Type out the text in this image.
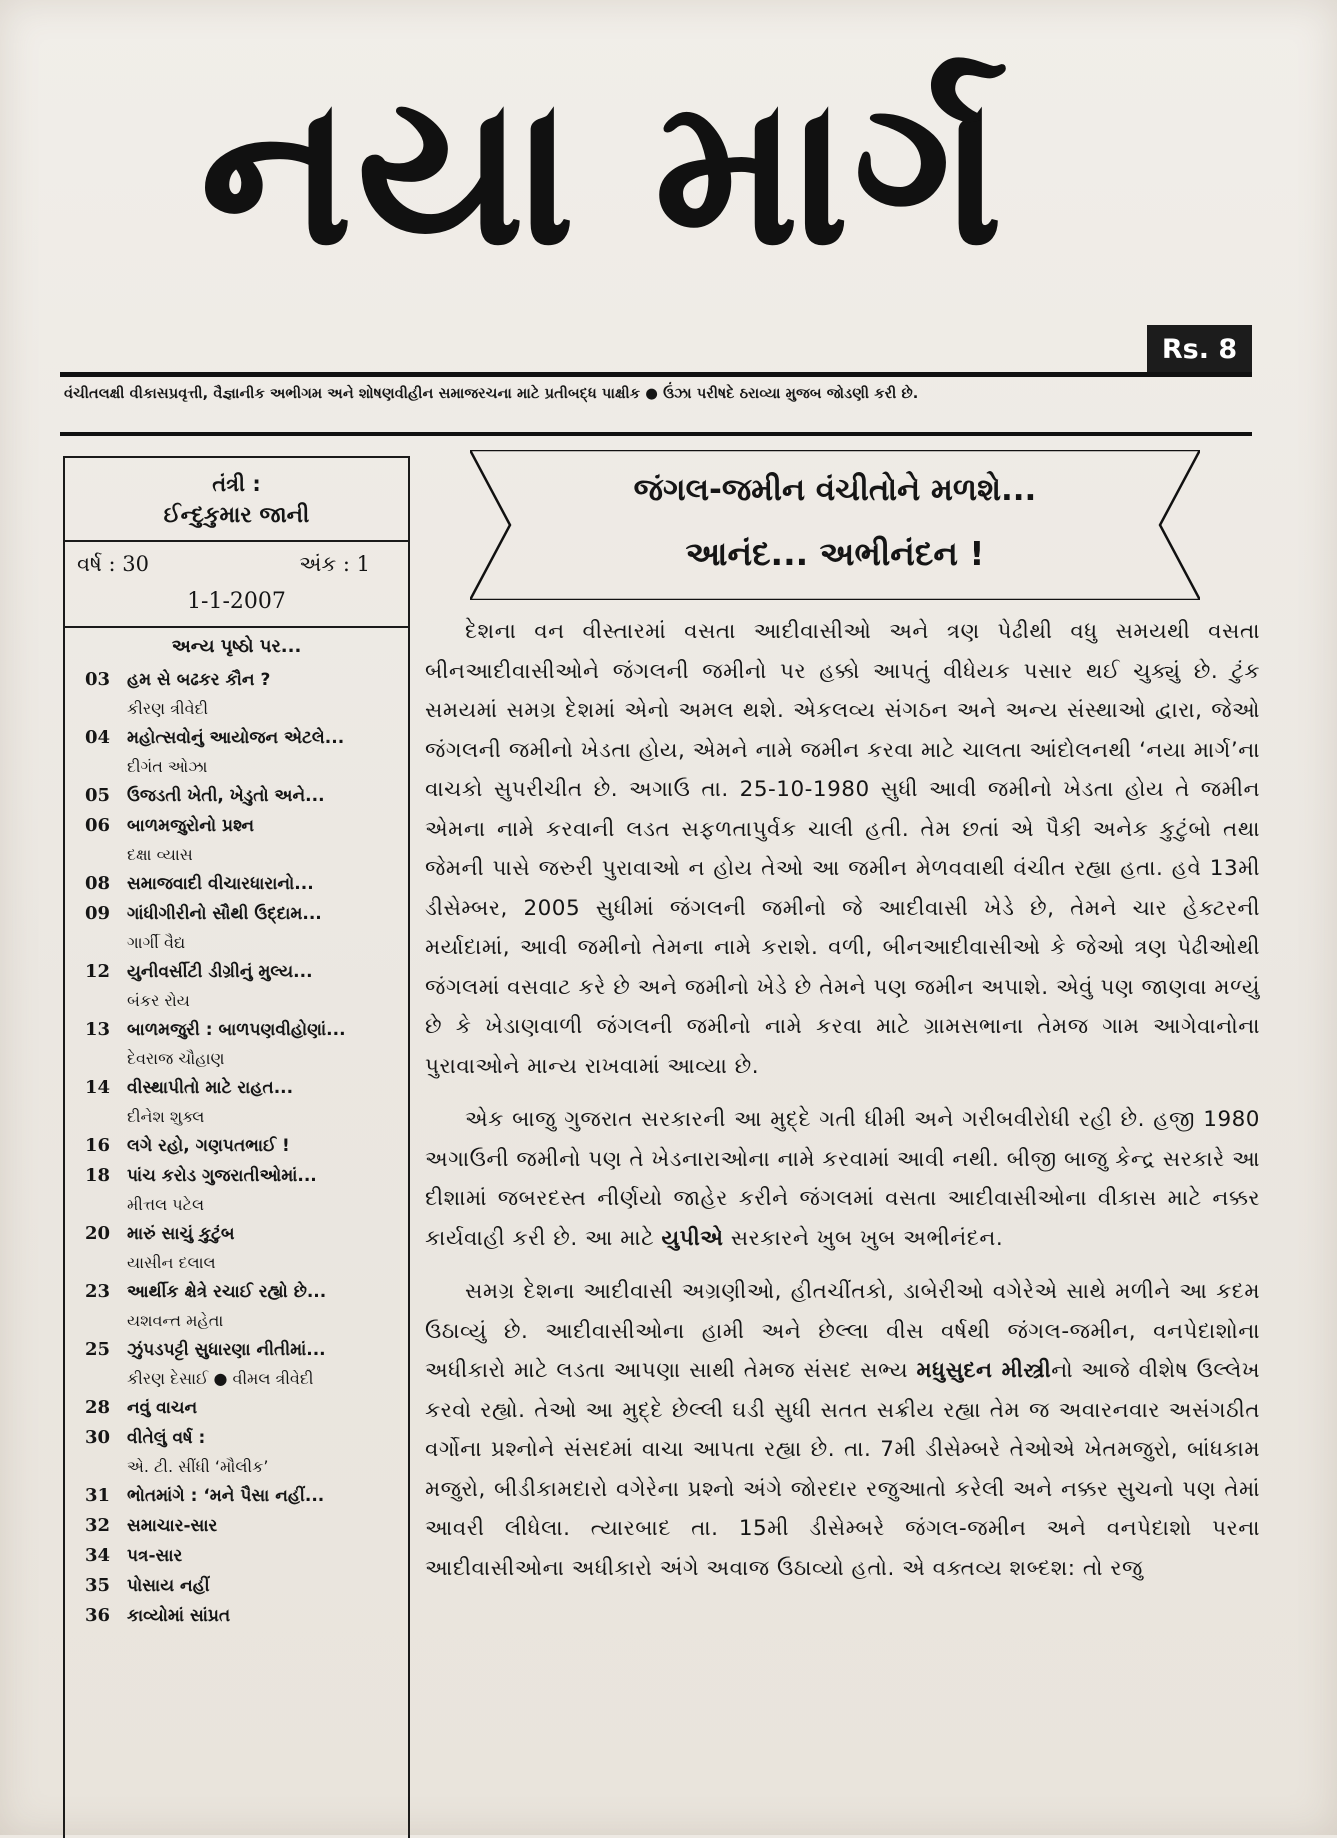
નયા માર્ગ
Rs. 8
વંચીતલક્ષી વીકાસપ્રવૃત્તી, વૈજ્ઞાનીક અભીગમ અને શોષણવીહીન સમાજરચના માટે પ્રતીબદ્ધ પાક્ષીક ● ઉંઝા પરીષદે ઠરાવ્યા મુજબ જોડણી કરી છે.
તંત્રી :
ઈન્દુકુમાર જાની
વર્ષ : 30	અંક : 1
1-1-2007
અન્ય પૃષ્ઠો પર...
03 હમ સે બઢકર કૌન ?
કીરણ ત્રીવેદી
04 મહોત્સવોનું આયોજન એટલે...
દીગંત ઓઝા
05 ઉજડતી ખેતી, ખેડુતો અને...
06 બાળમજુરોનો પ્રશ્ન
દક્ષા વ્યાસ
08 સમાજવાદી વીચારધારાનો...
09 ગાંધીગીરીનો સૌથી ઉદ્દામ...
ગાર્ગી વૈદ્ય
12 યુનીવર્સીટી ડીગ્રીનું મુલ્ય...
બંકર રોય
13 બાળમજુરી : બાળપણવીહોણાં...
દેવરાજ ચૌહાણ
14 વીસ્થાપીતો માટે રાહત...
દીનેશ શુક્લ
16 લગે રહો, ગણપતભાઈ !
18 પાંચ કરોડ ગુજરાતીઓમાં...
મીત્તલ પટેલ
20 મારું સાચું કુટુંબ
યાસીન દલાલ
23 આર્થીક ક્ષેત્રે રચાઈ રહ્યો છે...
યશવન્ત મહેતા
25 ઝુંપડપટ્ટી સુધારણા નીતીમાં...
કીરણ દેસાઈ ● વીમલ ત્રીવેદી
28 નવું વાચન
30 વીતેલું વર્ષ :
એ. ટી. સીંધી ‘મૌલીક’
31 ભોતમાંગે : ‘મને પૈસા નહીં...
32 સમાચાર-સાર
34 પત્ર-સાર
35 પોસાય નહીં
36 કાવ્યોમાં સાંપ્રત
જંગલ-જમીન વંચીતોને મળશે...
આનંદ... અભીનંદન !

દેશના વન વીસ્તારમાં વસતા આદીવાસીઓ અને ત્રણ પેઢીથી વધુ સમયથી વસતા બીનઆદીવાસીઓને જંગલની જમીનો પર હક્કો આપતું વીધેયક પસાર થઈ ચુક્યું છે. ટુંક સમયમાં સમગ્ર દેશમાં એનો અમલ થશે. એકલવ્ય સંગઠન અને અન્ય સંસ્થાઓ દ્વારા, જેઓ જંગલની જમીનો ખેડતા હોય, એમને નામે જમીન કરવા માટે ચાલતા આંદોલનથી ‘નયા માર્ગ’ના વાચકો સુપરીચીત છે. અગાઉ તા. 25-10-1980 સુધી આવી જમીનો ખેડતા હોય તે જમીન એમના નામે કરવાની લડત સફળતાપુર્વક ચાલી હતી. તેમ છતાં એ પૈકી અનેક કુટુંબો તથા જેમની પાસે જરુરી પુરાવાઓ ન હોય તેઓ આ જમીન મેળવવાથી વંચીત રહ્યા હતા. હવે 13મી ડીસેમ્બર, 2005 સુધીમાં જંગલની જમીનો જે આદીવાસી ખેડે છે, તેમને ચાર હેક્ટરની મર્યાદામાં, આવી જમીનો તેમના નામે કરાશે. વળી, બીનઆદીવાસીઓ કે જેઓ ત્રણ પેઢીઓથી જંગલમાં વસવાટ કરે છે અને જમીનો ખેડે છે તેમને પણ જમીન અપાશે. એવું પણ જાણવા મળ્યું છે કે ખેડાણવાળી જંગલની જમીનો નામે કરવા માટે ગ્રામસભાના તેમજ ગામ આગેવાનોના પુરાવાઓને માન્ય રાખવામાં આવ્યા છે.

એક બાજુ ગુજરાત સરકારની આ મુદ્દે ગતી ધીમી અને ગરીબવીરોધી રહી છે. હજી 1980 અગાઉની જમીનો પણ તે ખેડનારાઓના નામે કરવામાં આવી નથી. બીજી બાજુ કેન્દ્ર સરકારે આ દીશામાં જબરદસ્ત નીર્ણયો જાહેર કરીને જંગલમાં વસતા આદીવાસીઓના વીકાસ માટે નક્કર કાર્યવાહી કરી છે. આ માટે યુપીએ સરકારને ખુબ ખુબ અભીનંદન.

સમગ્ર દેશના આદીવાસી અગ્રણીઓ, હીતચીંતકો, ડાબેરીઓ વગેરેએ સાથે મળીને આ કદમ ઉઠાવ્યું છે. આદીવાસીઓના હામી અને છેલ્લા વીસ વર્ષથી જંગલ-જમીન, વનપેદાશોના અધીકારો માટે લડતા આપણા સાથી તેમજ સંસદ સભ્ય મધુસુદન મીસ્ત્રીનો આજે વીશેષ ઉલ્લેખ કરવો રહ્યો. તેઓ આ મુદ્દે છેલ્લી ઘડી સુધી સતત સક્રીય રહ્યા તેમ જ અવારનવાર અસંગઠીત વર્ગોના પ્રશ્નોને સંસદમાં વાચા આપતા રહ્યા છે. તા. 7મી ડીસેમ્બરે તેઓએ ખેતમજુરો, બાંધકામ મજુરો, બીડીકામદારો વગેરેના પ્રશ્નો અંગે જોરદાર રજુઆતો કરેલી અને નક્કર સુચનો પણ તેમાં આવરી લીધેલા. ત્યારબાદ તા. 15મી ડીસેમ્બરે જંગલ-જમીન અને વનપેદાશો પરના આદીવાસીઓના અધીકારો અંગે અવાજ ઉઠાવ્યો હતો. એ વક્તવ્ય શબ્દશ: તો રજુ
